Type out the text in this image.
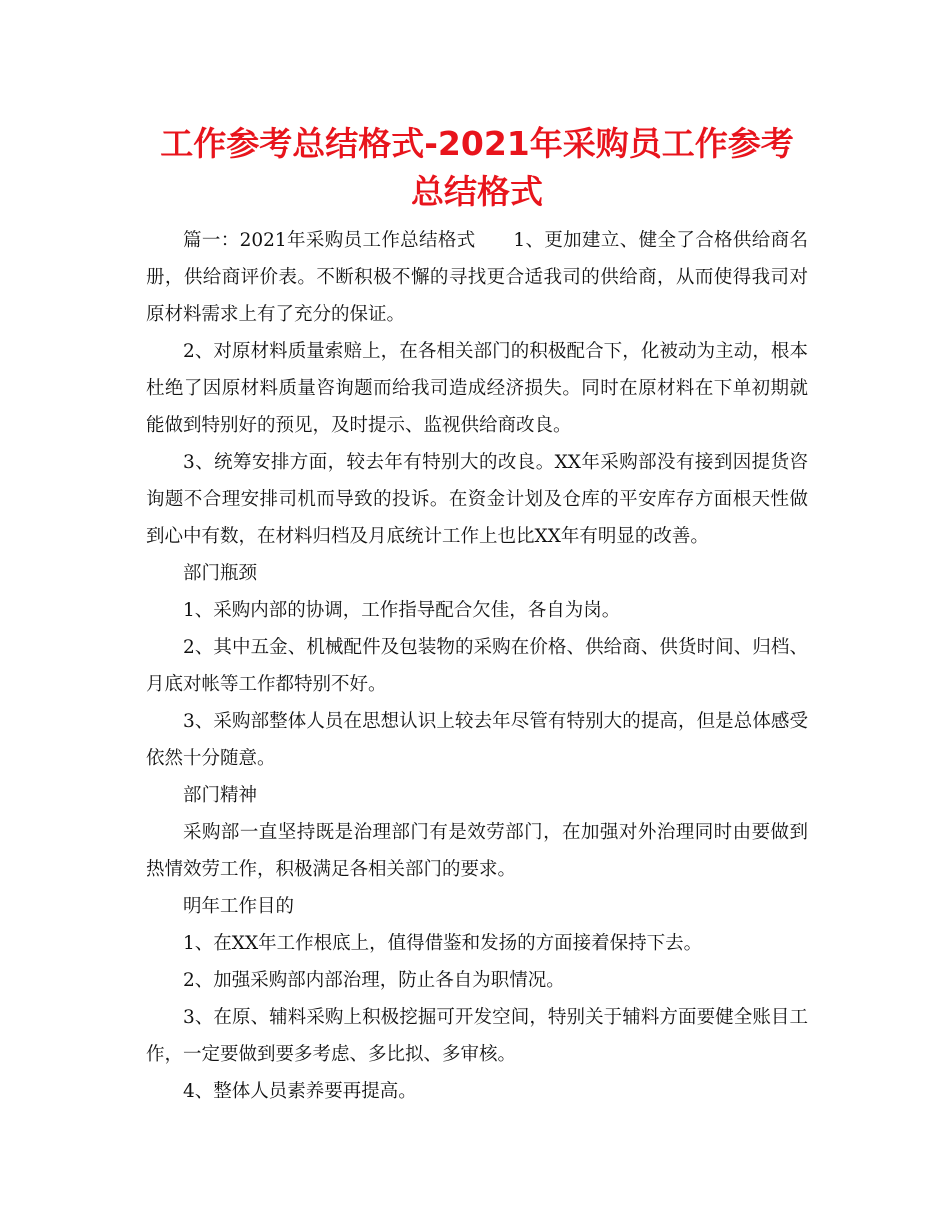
工作参考总结格式-2021年采购员工作参考总结格式

篇一：2021年采购员工作总结格式　　1、更加建立、健全了合格供给商名册，供给商评价表。不断积极不懈的寻找更合适我司的供给商，从而使得我司对原材料需求上有了充分的保证。

2、对原材料质量索赔上，在各相关部门的积极配合下，化被动为主动，根本杜绝了因原材料质量咨询题而给我司造成经济损失。同时在原材料在下单初期就能做到特别好的预见，及时提示、监视供给商改良。

3、统筹安排方面，较去年有特别大的改良。XX年采购部没有接到因提货咨询题不合理安排司机而导致的投诉。在资金计划及仓库的平安库存方面根天性做到心中有数，在材料归档及月底统计工作上也比XX年有明显的改善。

部门瓶颈

1、采购内部的协调，工作指导配合欠佳，各自为岗。

2、其中五金、机械配件及包装物的采购在价格、供给商、供货时间、归档、月底对帐等工作都特别不好。

3、采购部整体人员在思想认识上较去年尽管有特别大的提高，但是总体感受依然十分随意。

部门精神

采购部一直坚持既是治理部门有是效劳部门，在加强对外治理同时由要做到热情效劳工作，积极满足各相关部门的要求。

明年工作目的

1、在XX年工作根底上，值得借鉴和发扬的方面接着保持下去。

2、加强采购部内部治理，防止各自为职情况。

3、在原、辅料采购上积极挖掘可开发空间，特别关于辅料方面要健全账目工作，一定要做到要多考虑、多比拟、多审核。

4、整体人员素养要再提高。
